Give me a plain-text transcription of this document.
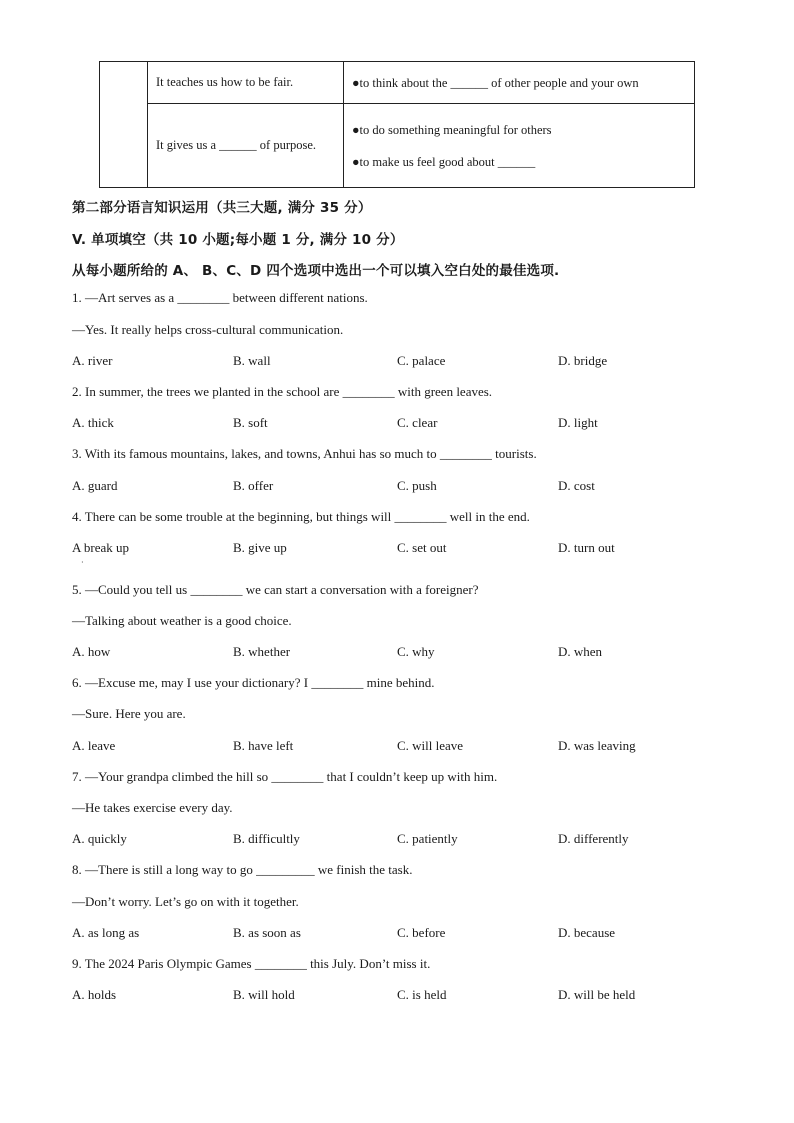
	It teaches us how to be fair.	●to think about the ______ of other people and your own

	It gives us a ______ of purpose.	●to do something meaningful for others
●to make us feel good about ______
第二部分语言知识运用（共三大题, 满分 35 分）
V. 单项填空（共 10 小题;每小题 1 分, 满分 10 分）
从每小题所给的 A、 B、C、D 四个选项中选出一个可以填入空白处的最佳选项.
1. —Art serves as a ________ between different nations.
—Yes. It really helps cross-cultural communication.
A. river	B. wall	C. palace	D. bridge
2. In summer, the trees we planted in the school are ________ with green leaves.
A. thick	B. soft	C. clear	D. light
3. With its famous mountains, lakes, and towns, Anhui has so much to ________ tourists.
A. guard	B. offer	C. push	D. cost
4. There can be some trouble at the beginning, but things will ________ well in the end.
A break up	B. give up	C. set out	D. turn out
·
5. —Could you tell us ________ we can start a conversation with a foreigner?
—Talking about weather is a good choice.
A. how	B. whether	C. why	D. when
6. —Excuse me, may I use your dictionary? I ________ mine behind.
—Sure. Here you are.
A. leave	B. have left	C. will leave	D. was leaving
7. —Your grandpa climbed the hill so ________ that I couldn’t keep up with him.
—He takes exercise every day.
A. quickly	B. difficultly	C. patiently	D. differently
8. —There is still a long way to go _________ we finish the task.
—Don’t worry. Let’s go on with it together.
A. as long as	B. as soon as	C. before	D. because
9. The 2024 Paris Olympic Games ________ this July. Don’t miss it.
A. holds	B. will hold	C. is held	D. will be held
